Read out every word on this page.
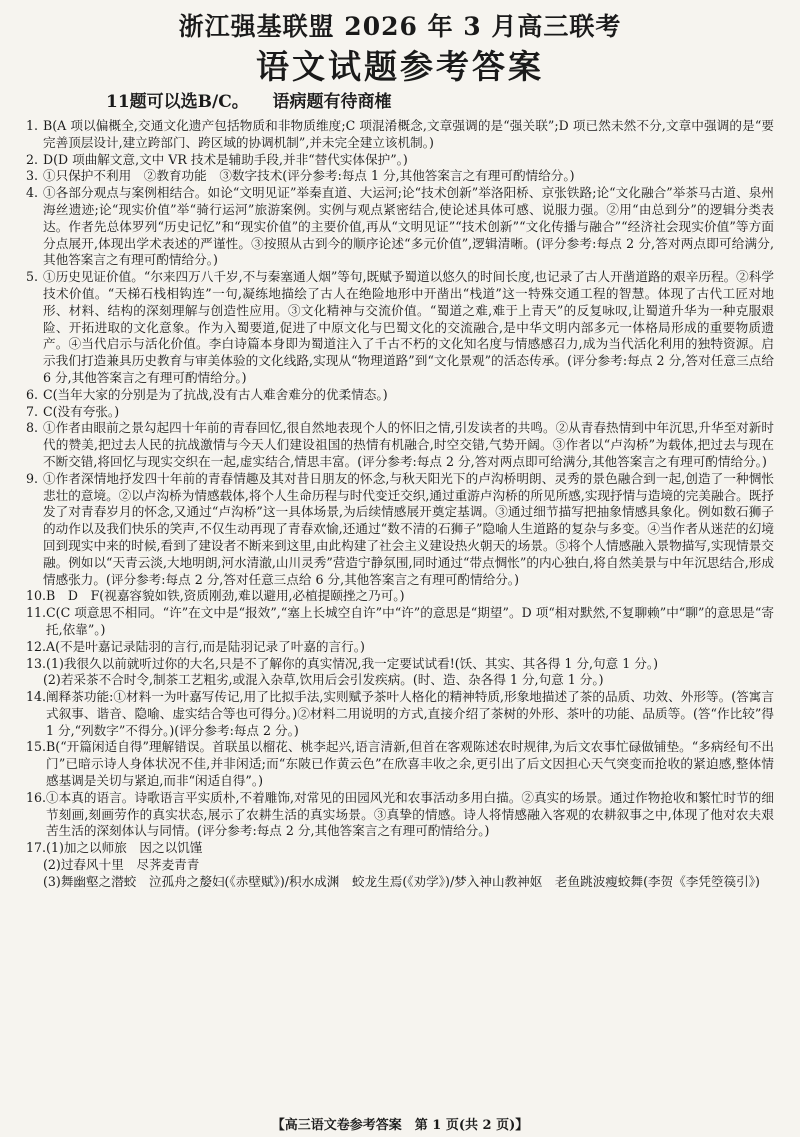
浙江强基联盟 2026 年 3 月高三联考
语文试题参考答案

11题可以选B/C。    语病题有待商榷

1. B(A 项以偏概全,交通文化遗产包括物质和非物质维度;C 项混淆概念,文章强调的是“强关联”;D 项已然未然不分,文章中强调的是“要完善顶层设计,建立跨部门、跨区域的协调机制”,并未完全建立该机制。)
2. D(D 项曲解文意,文中 VR 技术是辅助手段,并非“替代实体保护”。)
3. ①只保护不利用　②教育功能　③数字技术(评分参考:每点 1 分,其他答案言之有理可酌情给分。)
4. ①各部分观点与案例相结合。如论“文明见证”举秦直道、大运河;论“技术创新”举洛阳桥、京张铁路;论“文化融合”举茶马古道、泉州海丝遗迹;论“现实价值”举“骑行运河”旅游案例。实例与观点紧密结合,使论述具体可感、说服力强。②用“由总到分”的逻辑分类表达。作者先总体罗列“历史记忆”和“现实价值”的主要价值,再从“文明见证”“技术创新”“文化传播与融合”“经济社会现实价值”等方面分点展开,体现出学术表述的严谨性。③按照从古到今的顺序论述“多元价值”,逻辑清晰。(评分参考:每点 2 分,答对两点即可给满分,其他答案言之有理可酌情给分。)
5. ①历史见证价值。“尔来四万八千岁,不与秦塞通人烟”等句,既赋予蜀道以悠久的时间长度,也记录了古人开凿道路的艰辛历程。②科学技术价值。“天梯石栈相钩连”一句,凝练地描绘了古人在绝险地形中开凿出“栈道”这一特殊交通工程的智慧。体现了古代工匠对地形、材料、结构的深刻理解与创造性应用。③文化精神与交流价值。“蜀道之难,难于上青天”的反复咏叹,让蜀道升华为一种克服艰险、开拓进取的文化意象。作为入蜀要道,促进了中原文化与巴蜀文化的交流融合,是中华文明内部多元一体格局形成的重要物质遗产。④当代启示与活化价值。李白诗篇本身即为蜀道注入了千古不朽的文化知名度与情感感召力,成为当代活化利用的独特资源。启示我们打造兼具历史教育与审美体验的文化线路,实现从“物理道路”到“文化景观”的活态传承。(评分参考:每点 2 分,答对任意三点给 6 分,其他答案言之有理可酌情给分。)
6. C(当年大家的分别是为了抗战,没有古人难舍难分的优柔情态。)
7. C(没有夸张。)
8. ①作者由眼前之景勾起四十年前的青春回忆,很自然地表现个人的怀旧之情,引发读者的共鸣。②从青春热情到中年沉思,升华至对新时代的赞美,把过去人民的抗战激情与今天人们建设祖国的热情有机融合,时空交错,气势开阔。③作者以“卢沟桥”为载体,把过去与现在不断交错,将回忆与现实交织在一起,虚实结合,情思丰富。(评分参考:每点 2 分,答对两点即可给满分,其他答案言之有理可酌情给分。)
9. ①作者深情地抒发四十年前的青春情趣及其对昔日朋友的怀念,与秋天阳光下的卢沟桥明朗、灵秀的景色融合到一起,创造了一种惆怅悲壮的意境。②以卢沟桥为情感载体,将个人生命历程与时代变迁交织,通过重游卢沟桥的所见所感,实现抒情与造境的完美融合。既抒发了对青春岁月的怀念,又通过“卢沟桥”这一具体场景,为后续情感展开奠定基调。③通过细节描写把抽象情感具象化。例如数石狮子的动作以及我们快乐的笑声,不仅生动再现了青春欢愉,还通过“数不清的石狮子”隐喻人生道路的复杂与多变。④当作者从迷茫的幻境回到现实中来的时候,看到了建设者不断来到这里,由此构建了社会主义建设热火朝天的场景。⑤将个人情感融入景物描写,实现情景交融。例如以“天青云淡,大地明朗,河水清澈,山川灵秀”营造宁静氛围,同时通过“带点惆怅”的内心独白,将自然美景与中年沉思结合,形成情感张力。(评分参考:每点 2 分,答对任意三点给 6 分,其他答案言之有理可酌情给分。)
10. B　D　F(视嘉容貌如铁,资质刚劲,难以避用,必植提颐挫之乃可。)
11. C(C 项意思不相同。“许”在文中是“报效”,“塞上长城空自许”中“许”的意思是“期望”。D 项“相对默然,不复聊赖”中“聊”的意思是“寄托,依靠”。)
12. A(不是叶嘉记录陆羽的言行,而是陆羽记录了叶嘉的言行。)
13. (1)我很久以前就听过你的大名,只是不了解你的真实情况,我一定要试试看!(饫、其实、其各得 1 分,句意 1 分。)
(2)若采茶不合时令,制茶工艺粗劣,或混入杂草,饮用后会引发疾病。(时、造、杂各得 1 分,句意 1 分。)
14. 阐释茶功能:①材料一为叶嘉写传记,用了比拟手法,实则赋予茶叶人格化的精神特质,形象地描述了茶的品质、功效、外形等。(答寓言式叙事、谐音、隐喻、虚实结合等也可得分。)②材料二用说明的方式,直接介绍了茶树的外形、茶叶的功能、品质等。(答“作比较”得 1 分,“列数字”不得分。)(评分参考:每点 2 分。)
15. B(“开篇闲适自得”理解错误。首联虽以榴花、桃李起兴,语言清新,但首在客观陈述农时规律,为后文农事忙碌做铺垫。“多病经旬不出门”已暗示诗人身体状况不佳,并非闲适;而“东陂已作黄云色”在欣喜丰收之余,更引出了后文因担心天气突变而抢收的紧迫感,整体情感基调是关切与紧迫,而非“闲适自得”。)
16. ①本真的语言。诗歌语言平实质朴,不着雕饰,对常见的田园风光和农事活动多用白描。②真实的场景。通过作物抢收和繁忙时节的细节刻画,刻画劳作的真实状态,展示了农耕生活的真实场景。③真挚的情感。诗人将情感融入客观的农耕叙事之中,体现了他对农夫艰苦生活的深刻体认与同情。(评分参考:每点 2 分,其他答案言之有理可酌情给分。)
17. (1)加之以师旅　因之以饥馑
(2)过春风十里　尽荠麦青青
(3)舞幽壑之潜蛟　泣孤舟之嫠妇(《赤壁赋》)/积水成渊　蛟龙生焉(《劝学》)/梦入神山教神妪　老鱼跳波瘦蛟舞(李贺《李凭箜篌引》)
【高三语文卷参考答案　第 1 页(共 2 页)】
